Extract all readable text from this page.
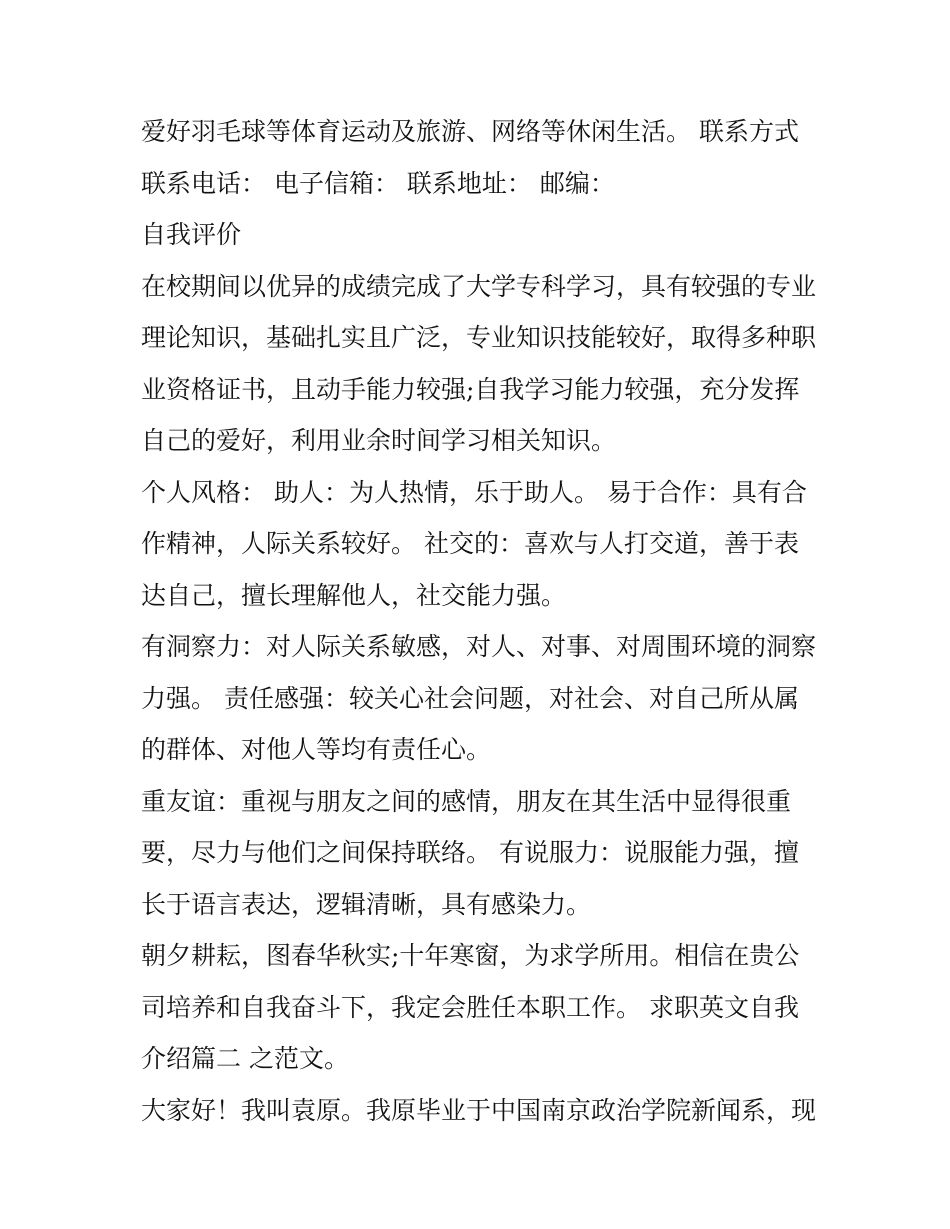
爱好羽毛球等体育运动及旅游、网络等休闲生活。 联系方式
联系电话： 电子信箱： 联系地址： 邮编：
自我评价
在校期间以优异的成绩完成了大学专科学习，具有较强的专业
理论知识，基础扎实且广泛，专业知识技能较好，取得多种职
业资格证书，且动手能力较强;自我学习能力较强，充分发挥
自己的爱好，利用业余时间学习相关知识。
个人风格： 助人：为人热情，乐于助人。 易于合作：具有合
作精神，人际关系较好。 社交的：喜欢与人打交道，善于表
达自己，擅长理解他人，社交能力强。
有洞察力：对人际关系敏感，对人、对事、对周围环境的洞察
力强。 责任感强：较关心社会问题，对社会、对自己所从属
的群体、对他人等均有责任心。
重友谊：重视与朋友之间的感情，朋友在其生活中显得很重
要，尽力与他们之间保持联络。 有说服力：说服能力强，擅
长于语言表达，逻辑清晰，具有感染力。
朝夕耕耘，图春华秋实;十年寒窗，为求学所用。相信在贵公
司培养和自我奋斗下，我定会胜任本职工作。 求职英文自我
介绍篇二 之范文。
大家好！我叫袁原。我原毕业于中国南京政治学院新闻系，现
